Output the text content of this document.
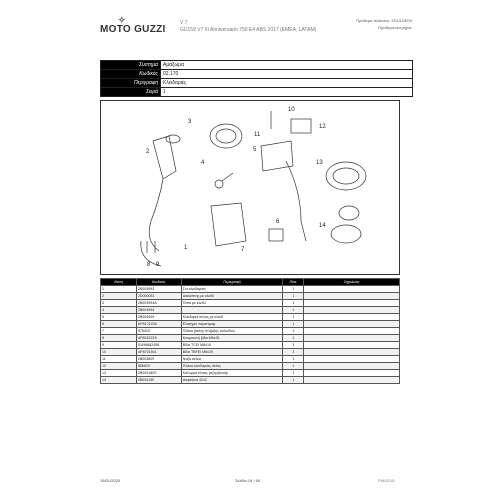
✧
MOTO GUZZI
V 7
GU159 V7 III Anniversario 750 E4 ABS 2017 (EMEA, LATAM)
Πρόθεμα πλαισίου: ZGULDE00
Πρόθεμα κινητήρα:
Σύστημα	Αμάξωμα
Κωδικός	02.170
Περιγραφή	Κλειδαριές
Σειρά	1
1
2
3
4
5
6
7
8 9
10
11
12
13
14
Θέση	Κωδικός	Περιγραφή	Ποσ.	Σημείωση
1	2B004993	Σετ κλειδαριάς	1	
2	2D000051	Διακόπτης με κλειδί	1	
3	2B003994A	Τάπα με κλειδί	1	
4	2B004994		1	
5	2B004009	Κλειδαριά σέλας με κλειδί	1	
6	AP8121436	Ελατήριο περιστροφ.	1	
7	978415	Πλάκα βάσης στήριξης καλωδίου	1	
8	AP8152229	Κουμπωτή βίδα M8x20	1	
9	GU98682456	Βίδα TCEI M8x16	1	
10	AP8701501	Βίδα TBFEI M6x25	2	
11	2B003809	Ντίζα σέλας	1	
12	886820	Πλάκα κλειδαριάς σέλας	1	
13	2B004180S	Κάλυμμα τάπας ρεζερβουάρ	1	
14	2B004190	Ασφάλεια 42x2	1	
15/01/2020	Σελίδα 19 / 69	PIAGGIO
